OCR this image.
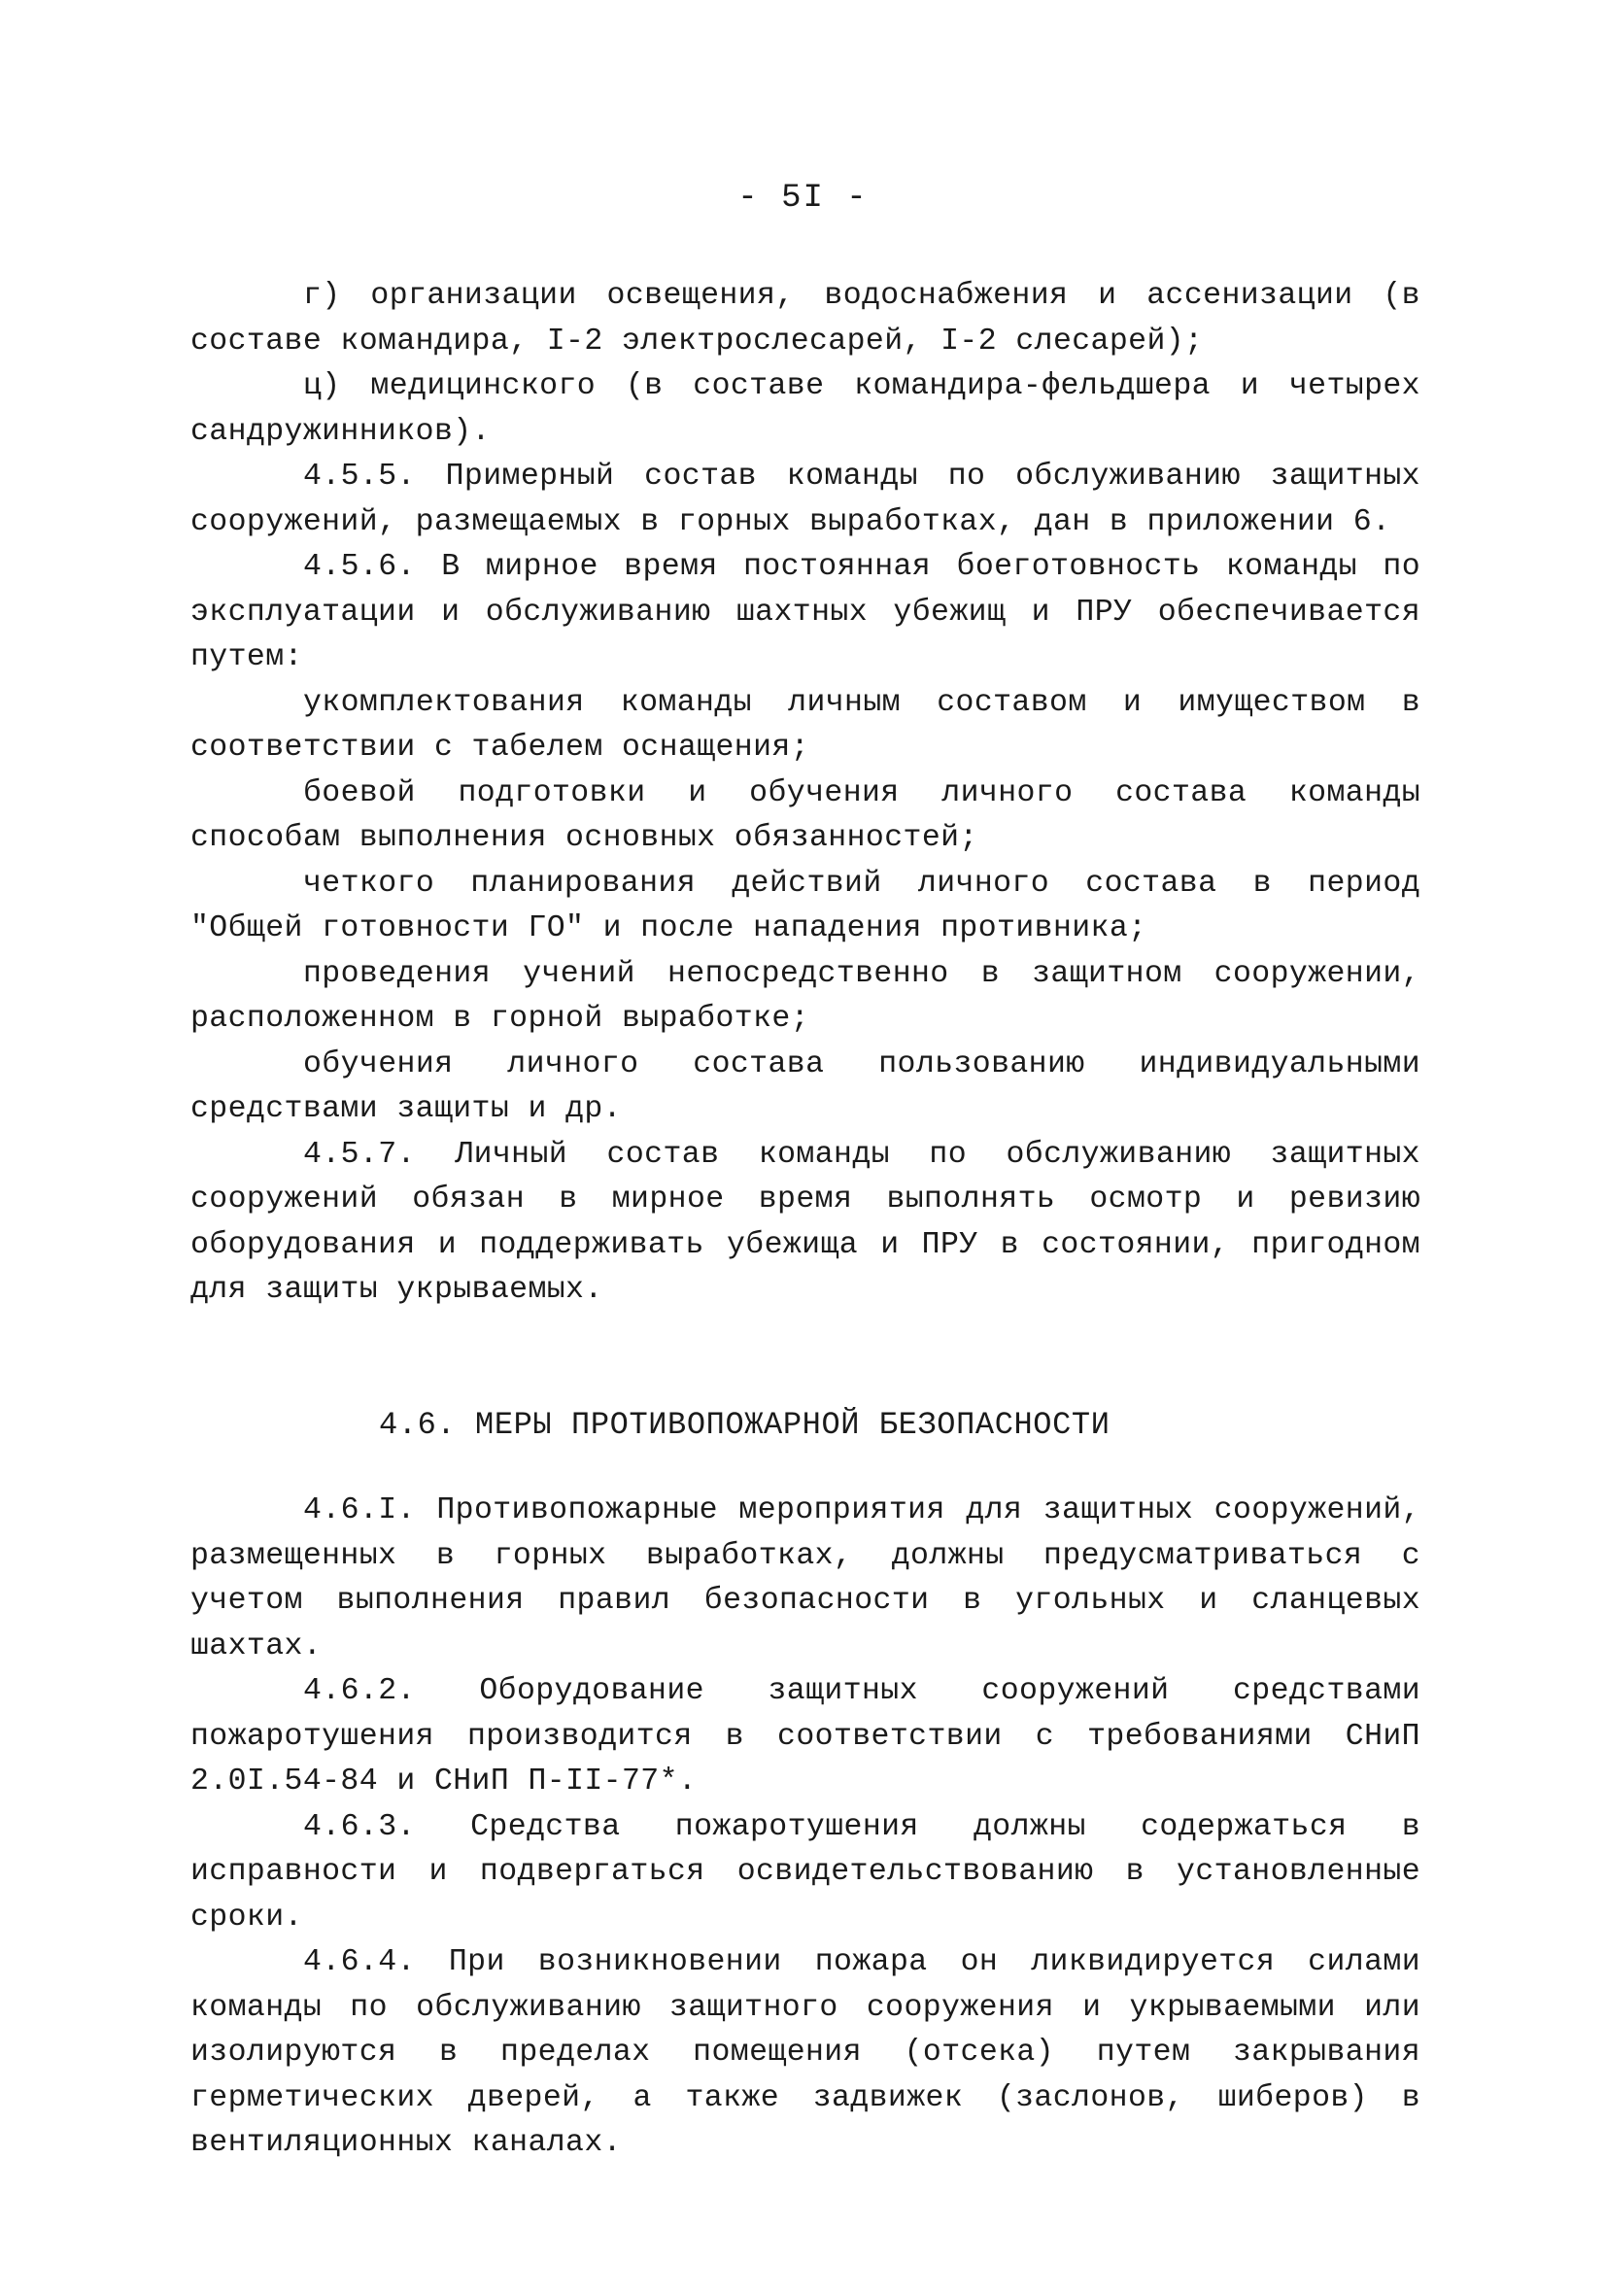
- 5I -

г) организации освещения, водоснабжения и ассенизации (в составе командира, I-2 электрослесарей, I-2 слесарей);

ц) медицинского (в составе командира-фельдшера и четырех сандружинников).

4.5.5. Примерный состав команды по обслуживанию защитных сооружений, размещаемых в горных выработках, дан в приложении 6.

4.5.6. В мирное время постоянная боеготовность команды по эксплуатации и обслуживанию шахтных убежищ и ПРУ обеспечивается путем:

укомплектования команды личным составом и имуществом в соответствии с табелем оснащения;

боевой подготовки и обучения личного состава команды способам выполнения основных обязанностей;

четкого планирования действий личного состава в период "Общей готовности ГО" и после нападения противника;

проведения учений непосредственно в защитном сооружении, расположенном в горной выработке;

обучения личного состава пользованию индивидуальными средствами защиты и др.

4.5.7. Личный состав команды по обслуживанию защитных сооружений обязан в мирное время выполнять осмотр и ревизию оборудования и поддерживать убежища и ПРУ в состоянии, пригодном для защиты укрываемых.

4.6. МЕРЫ ПРОТИВОПОЖАРНОЙ БЕЗОПАСНОСТИ

4.6.I. Противопожарные мероприятия для защитных сооружений, размещенных в горных выработках, должны предусматриваться с учетом выполнения правил безопасности в угольных и сланцевых шахтах.

4.6.2. Оборудование защитных сооружений средствами пожаротушения производится в соответствии с требованиями СНиП 2.0I.54-84 и СНиП П-II-77*.

4.6.3. Средства пожаротушения должны содержаться в исправности и подвергаться освидетельствованию в установленные сроки.

4.6.4. При возникновении пожара он ликвидируется силами команды по обслуживанию защитного сооружения и укрываемыми или изолируются в пределах помещения (отсека) путем закрывания герметических дверей, а также задвижек (заслонов, шиберов) в вентиляционных каналах.
